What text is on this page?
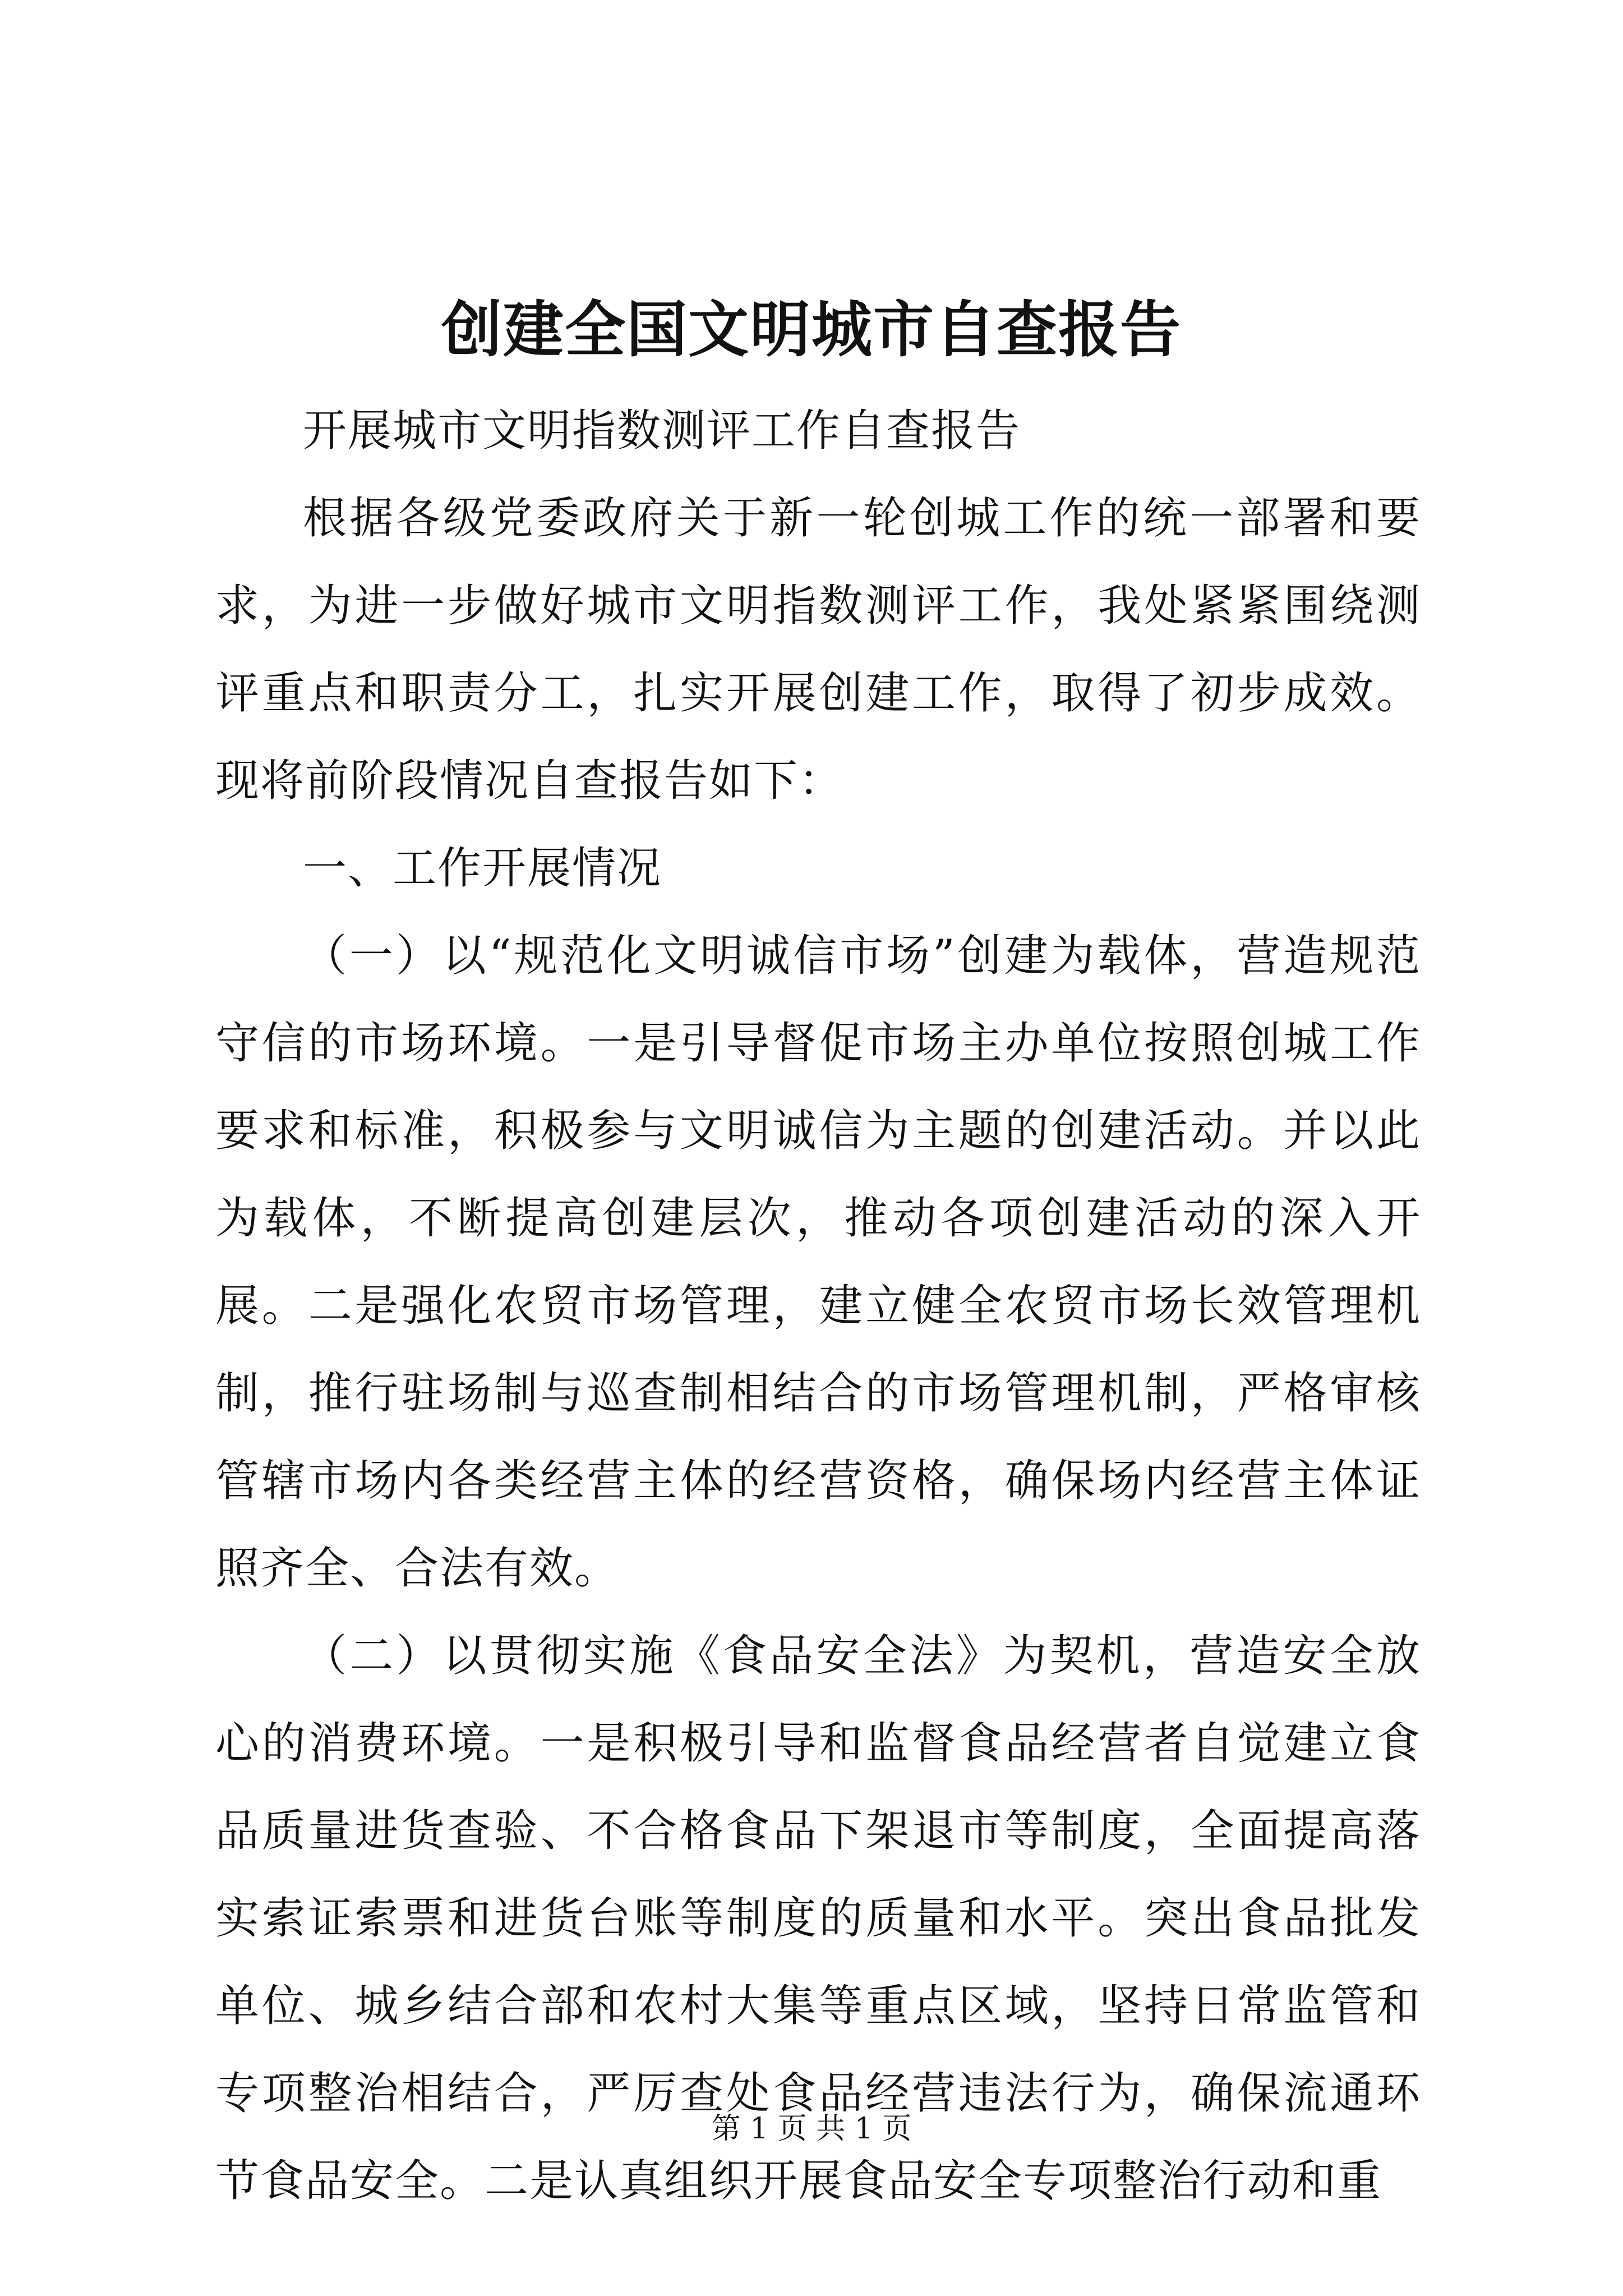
创建全国文明城市自查报告

开展城市文明指数测评工作自查报告

根据各级党委政府关于新一轮创城工作的统一部署和要求，为进一步做好城市文明指数测评工作，我处紧紧围绕测评重点和职责分工，扎实开展创建工作，取得了初步成效。现将前阶段情况自查报告如下：

一、工作开展情况

（一）以“规范化文明诚信市场”创建为载体，营造规范守信的市场环境。一是引导督促市场主办单位按照创城工作要求和标准，积极参与文明诚信为主题的创建活动。并以此为载体，不断提高创建层次，推动各项创建活动的深入开展。二是强化农贸市场管理，建立健全农贸市场长效管理机制，推行驻场制与巡查制相结合的市场管理机制，严格审核管辖市场内各类经营主体的经营资格，确保场内经营主体证照齐全、合法有效。

（二）以贯彻实施《食品安全法》为契机，营造安全放心的消费环境。一是积极引导和监督食品经营者自觉建立食品质量进货查验、不合格食品下架退市等制度，全面提高落实索证索票和进货台账等制度的质量和水平。突出食品批发单位、城乡结合部和农村大集等重点区域，坚持日常监管和专项整治相结合，严厉查处食品经营违法行为，确保流通环节食品安全。二是认真组织开展食品安全专项整治行动和重

第 1 页 共 1 页
